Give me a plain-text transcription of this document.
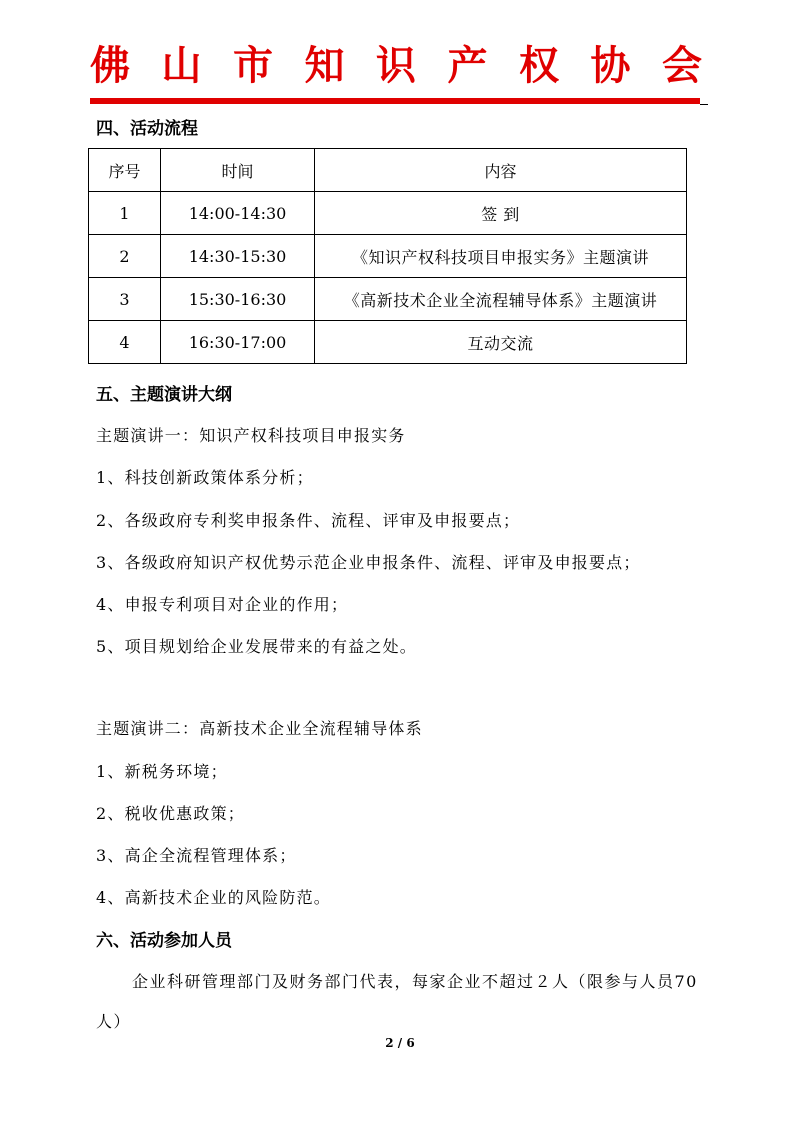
佛 山 市 知 识 产 权 协 会
四、活动流程
序号	时间	内容
1	14:00-14:30	签 到
2	14:30-15:30	《知识产权科技项目申报实务》主题演讲
3	15:30-16:30	《高新技术企业全流程辅导体系》主题演讲
4	16:30-17:00	互动交流
五、主题演讲大纲
主题演讲一：知识产权科技项目申报实务
1、科技创新政策体系分析；
2、各级政府专利奖申报条件、流程、评审及申报要点；
3、各级政府知识产权优势示范企业申报条件、流程、评审及申报要点；
4、申报专利项目对企业的作用；
5、项目规划给企业发展带来的有益之处。
主题演讲二：高新技术企业全流程辅导体系
1、新税务环境；
2、税收优惠政策；
3、高企全流程管理体系；
4、高新技术企业的风险防范。
六、活动参加人员
企业科研管理部门及财务部门代表，每家企业不超过２人（限参与人员70人）
2 / 6
